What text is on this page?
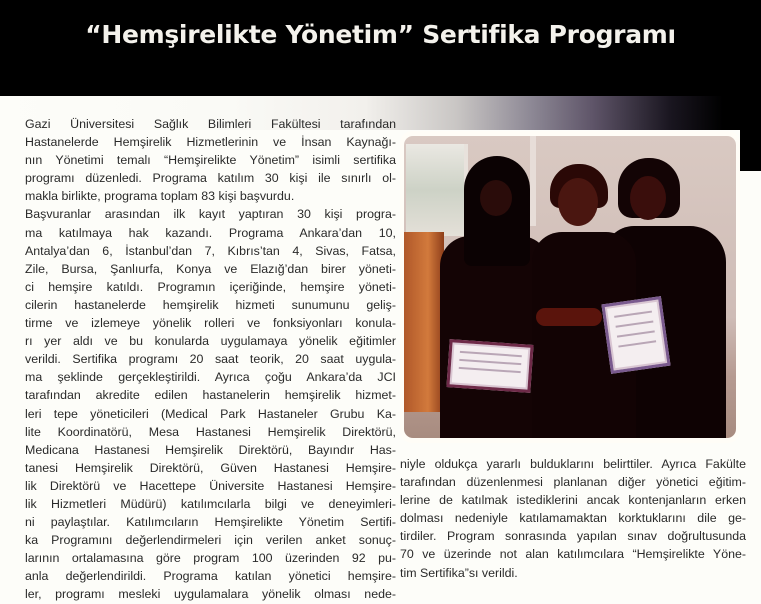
“Hemşirelikte Yönetim” Sertifika Programı
Gazi Üniversitesi Sağlık Bilimleri Fakültesi tarafından
Hastanelerde Hemşirelik Hizmetlerinin ve İnsan Kaynağı-
nın Yönetimi temalı “Hemşirelikte Yönetim” isimli sertifika
programı düzenledi. Programa katılım 30 kişi ile sınırlı ol-
makla birlikte, programa toplam 83 kişi başvurdu.
Başvuranlar arasından ilk kayıt yaptıran 30 kişi progra-
ma katılmaya hak kazandı. Programa Ankara’dan 10,
Antalya’dan 6, İstanbul’dan 7, Kıbrıs’tan 4, Sivas, Fatsa,
Zile, Bursa, Şanlıurfa, Konya ve Elazığ’dan birer yöneti-
ci hemşire katıldı. Programın içeriğinde, hemşire yöneti-
cilerin hastanelerde hemşirelik hizmeti sunumunu geliş-
tirme ve izlemeye yönelik rolleri ve fonksiyonları konula-
rı yer aldı ve bu konularda uygulamaya yönelik eğitimler
verildi. Sertifika programı 20 saat teorik, 20 saat uygula-
ma şeklinde gerçekleştirildi. Ayrıca çoğu Ankara’da JCI
tarafından akredite edilen hastanelerin hemşirelik hizmet-
leri tepe yöneticileri (Medical Park Hastaneler Grubu Ka-
lite Koordinatörü, Mesa Hastanesi Hemşirelik Direktörü,
Medicana Hastanesi Hemşirelik Direktörü, Bayındır Has-
tanesi Hemşirelik Direktörü, Güven Hastanesi Hemşire-
lik Direktörü ve Hacettepe Üniversite Hastanesi Hemşire-
lik Hizmetleri Müdürü) katılımcılarla bilgi ve deneyimleri-
ni paylaştılar. Katılımcıların Hemşirelikte Yönetim Sertifi-
ka Programını değerlendirmeleri için verilen anket sonuç-
larının ortalamasına göre program 100 üzerinden 92 pu-
anla değerlendirildi. Programa katılan yönetici hemşire-
ler, programı mesleki uygulamalara yönelik olması nede-
niyle oldukça yararlı bulduklarını belirttiler. Ayrıca Fakülte
tarafından düzenlenmesi planlanan diğer yönetici eğitim-
lerine de katılmak istediklerini ancak kontenjanların erken
dolması nedeniyle katılamamaktan korktuklarını dile ge-
tirdiler. Program sonrasında yapılan sınav doğrultusunda
70 ve üzerinde not alan katılımcılara “Hemşirelikte Yöne-
tim Sertifika”sı verildi.
